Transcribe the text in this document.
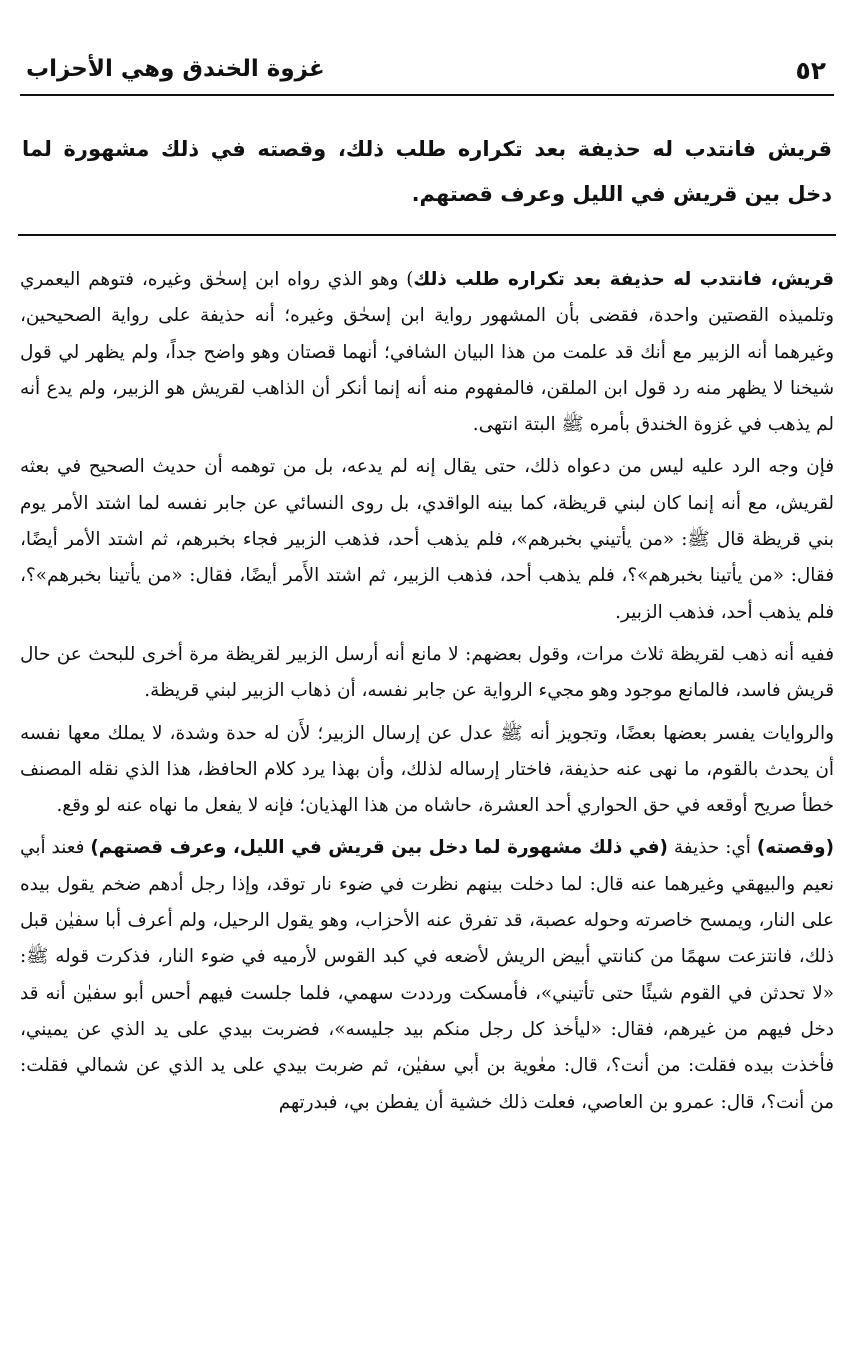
٥٢
غزوة الخندق وهي الأحزاب

قريش فانتدب له حذيفة بعد تكراره طلب ذلك، وقصته في ذلك مشهورة لما دخل بين قريش في الليل وعرف قصتهم.

قريش، فانتدب له حذيفة بعد تكراره طلب ذلك) وهو الذي رواه ابن إسحٰق وغيره، فتوهم اليعمري وتلميذه القصتين واحدة، فقضى بأن المشهور رواية ابن إسحٰق وغيره؛ أنه حذيفة على رواية الصحيحين، وغيرهما أنه الزبير مع أنك قد علمت من هذا البيان الشافي؛ أنهما قصتان وهو واضح جداً، ولم يظهر لي قول شيخنا لا يظهر منه رد قول ابن الملقن، فالمفهوم منه أنه إنما أنكر أن الذاهب لقريش هو الزبير، ولم يدع أنه لم يذهب في غزوة الخندق بأمره ﷺ البتة انتهى.

فإن وجه الرد عليه ليس من دعواه ذلك، حتى يقال إنه لم يدعه، بل من توهمه أن حديث الصحيح في بعثه لقريش، مع أنه إنما كان لبني قريظة، كما بينه الواقدي، بل روى النسائي عن جابر نفسه لما اشتد الأمر يوم بني قريظة قال ﷺ: «من يأتيني بخبرهم»، فلم يذهب أحد، فذهب الزبير فجاء بخبرهم، ثم اشتد الأمر أيضًا، فقال: «من يأتينا بخبرهم»؟، فلم يذهب أحد، فذهب الزبير، ثم اشتد الأَمر أيضًا، فقال: «من يأتينا بخبرهم»؟، فلم يذهب أحد، فذهب الزبير.

ففيه أنه ذهب لقريظة ثلاث مرات، وقول بعضهم: لا مانع أنه أرسل الزبير لقريظة مرة أخرى للبحث عن حال قريش فاسد، فالمانع موجود وهو مجيء الرواية عن جابر نفسه، أن ذهاب الزبير لبني قريظة.

والروايات يفسر بعضها بعضًا، وتجويز أنه ﷺ عدل عن إرسال الزبير؛ لأَن له حدة وشدة، لا يملك معها نفسه أن يحدث بالقوم، ما نهى عنه حذيفة، فاختار إرساله لذلك، وأن بهذا يرد كلام الحافظ، هذا الذي نقله المصنف خطأ صريح أوقعه في حق الحواري أحد العشرة، حاشاه من هذا الهذيان؛ فإنه لا يفعل ما نهاه عنه لو وقع.

(وقصته) أي: حذيفة (في ذلك مشهورة لما دخل بين قريش في الليل، وعرف قصتهم) فعند أبي نعيم والبيهقي وغيرهما عنه قال: لما دخلت بينهم نظرت في ضوء نار توقد، وإذا رجل أدهم ضخم يقول بيده على النار، ويمسح خاصرته وحوله عصبة، قد تفرق عنه الأحزاب، وهو يقول الرحيل، ولم أعرف أبا سفيٰن قبل ذلك، فانتزعت سهمًا من كنانتي أبيض الريش لأضعه في كبد القوس لأرميه في ضوء النار، فذكرت قوله ﷺ: «لا تحدثن في القوم شيئًا حتى تأتيني»، فأمسكت ورددت سهمي، فلما جلست فيهم أحس أبو سفيٰن أنه قد دخل فيهم من غيرهم، فقال: «ليأخذ كل رجل منكم بيد جليسه»، فضربت بيدي على يد الذي عن يميني، فأخذت بيده فقلت: من أنت؟، قال: معٰوية بن أبي سفيٰن، ثم ضربت بيدي على يد الذي عن شمالي فقلت: من أنت؟، قال: عمرو بن العاصي، فعلت ذلك خشية أن يفطن بي، فبدرتهم
